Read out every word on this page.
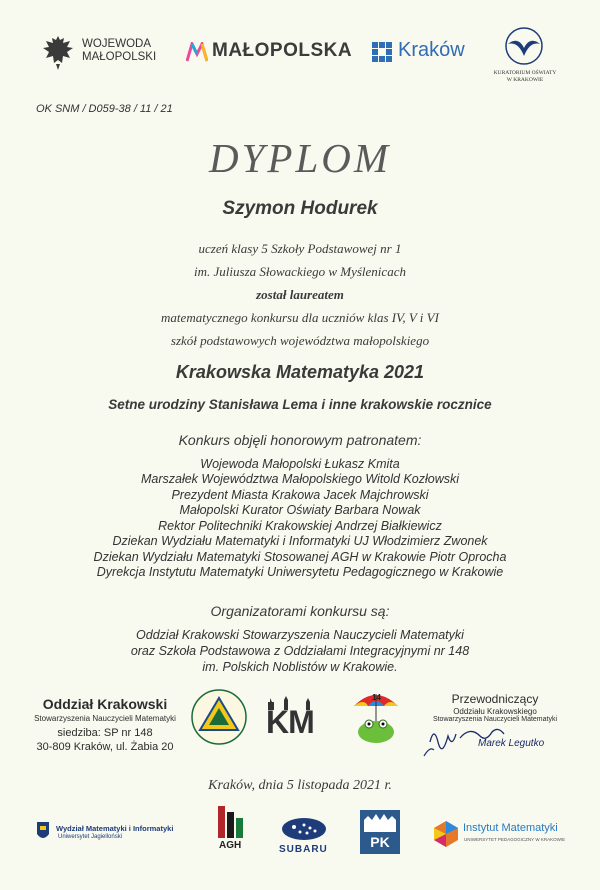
WOJEWODA
MAŁOPOLSKI	MAŁOPOLSKA Kraków
KURATORIUM OŚWIATY
W KRAKOWIE
OK SNM / D059-38 / 11 / 21
DYPLOM
Szymon Hodurek
uczeń klasy 5 Szkoły Podstawowej nr 1
im. Juliusza Słowackiego w Myślenicach
został laureatem
matematycznego konkursu dla uczniów klas IV, V i VI
szkół podstawowych województwa małopolskiego
Krakowska Matematyka 2021
Setne urodziny Stanisława Lema i inne krakowskie rocznice
Konkurs objęli honorowym patronatem:
Wojewoda Małopolski Łukasz Kmita
Marszałek Województwa Małopolskiego Witold Kozłowski
Prezydent Miasta Krakowa Jacek Majchrowski
Małopolski Kurator Oświaty Barbara Nowak
Rektor Politechniki Krakowskiej Andrzej Białkiewicz
Dziekan Wydziału Matematyki i Informatyki UJ Włodzimierz Zwonek
Dziekan Wydziału Matematyki Stosowanej AGH w Krakowie Piotr Oprocha
Dyrekcja Instytutu Matematyki Uniwersytetu Pedagogicznego w Krakowie
Organizatorami konkursu są:
Oddział Krakowski Stowarzyszenia Nauczycieli Matematyki
oraz Szkoła Podstawowa z Oddziałami Integracyjnymi nr 148
im. Polskich Noblistów w Krakowie.
Oddział Krakowski
Stowarzyszenia Nauczycieli Matematyki
siedziba: SP nr 148
30-809 Kraków, ul. Żabia 20
KM
14	Przewodniczący
Oddziału Krakowskiego
Stowarzyszenia Nauczycieli Matematyki
Marek Legutko
Kraków, dnia 5 listopada 2021 r.
Wydział Matematyki i Informatyki
Uniwersytet Jagielloński
AGH	SUBARU	PK
Instytut Matematyki
UNIWERSYTET PEDAGOGICZNY W KRAKOWIE
